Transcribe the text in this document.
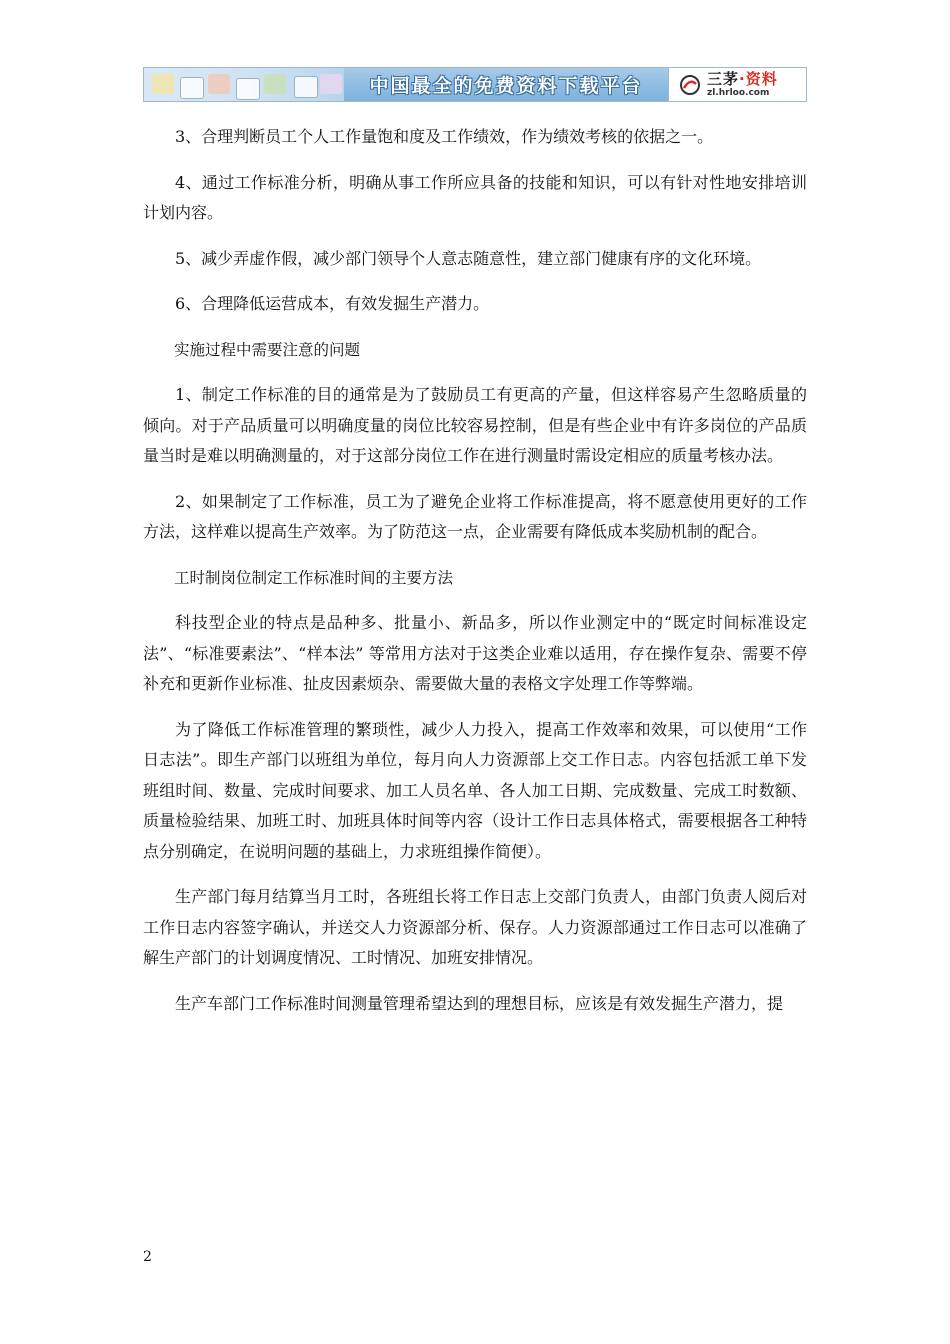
中国最全的免费资料下载平台	三茅·资料
zl.hrloo.com

3、合理判断员工个人工作量饱和度及工作绩效，作为绩效考核的依据之一。

4、通过工作标准分析，明确从事工作所应具备的技能和知识，可以有针对性地安排培训计划内容。

5、减少弄虚作假，减少部门领导个人意志随意性，建立部门健康有序的文化环境。

6、合理降低运营成本，有效发掘生产潜力。

实施过程中需要注意的问题

1、制定工作标准的目的通常是为了鼓励员工有更高的产量，但这样容易产生忽略质量的倾向。对于产品质量可以明确度量的岗位比较容易控制，但是有些企业中有许多岗位的产品质量当时是难以明确测量的，对于这部分岗位工作在进行测量时需设定相应的质量考核办法。

2、如果制定了工作标准，员工为了避免企业将工作标准提高，将不愿意使用更好的工作方法，这样难以提高生产效率。为了防范这一点，企业需要有降低成本奖励机制的配合。

工时制岗位制定工作标准时间的主要方法

科技型企业的特点是品种多、批量小、新品多，所以作业测定中的“既定时间标准设定法”、“标准要素法”、“样本法” 等常用方法对于这类企业难以适用，存在操作复杂、需要不停补充和更新作业标准、扯皮因素烦杂、需要做大量的表格文字处理工作等弊端。

为了降低工作标准管理的繁琐性，减少人力投入，提高工作效率和效果，可以使用“工作日志法”。即生产部门以班组为单位，每月向人力资源部上交工作日志。内容包括派工单下发班组时间、数量、完成时间要求、加工人员名单、各人加工日期、完成数量、完成工时数额、质量检验结果、加班工时、加班具体时间等内容（设计工作日志具体格式，需要根据各工种特点分别确定，在说明问题的基础上，力求班组操作简便）。

生产部门每月结算当月工时，各班组长将工作日志上交部门负责人，由部门负责人阅后对工作日志内容签字确认，并送交人力资源部分析、保存。人力资源部通过工作日志可以准确了解生产部门的计划调度情况、工时情况、加班安排情况。

生产车部门工作标准时间测量管理希望达到的理想目标，应该是有效发掘生产潜力，提

2
